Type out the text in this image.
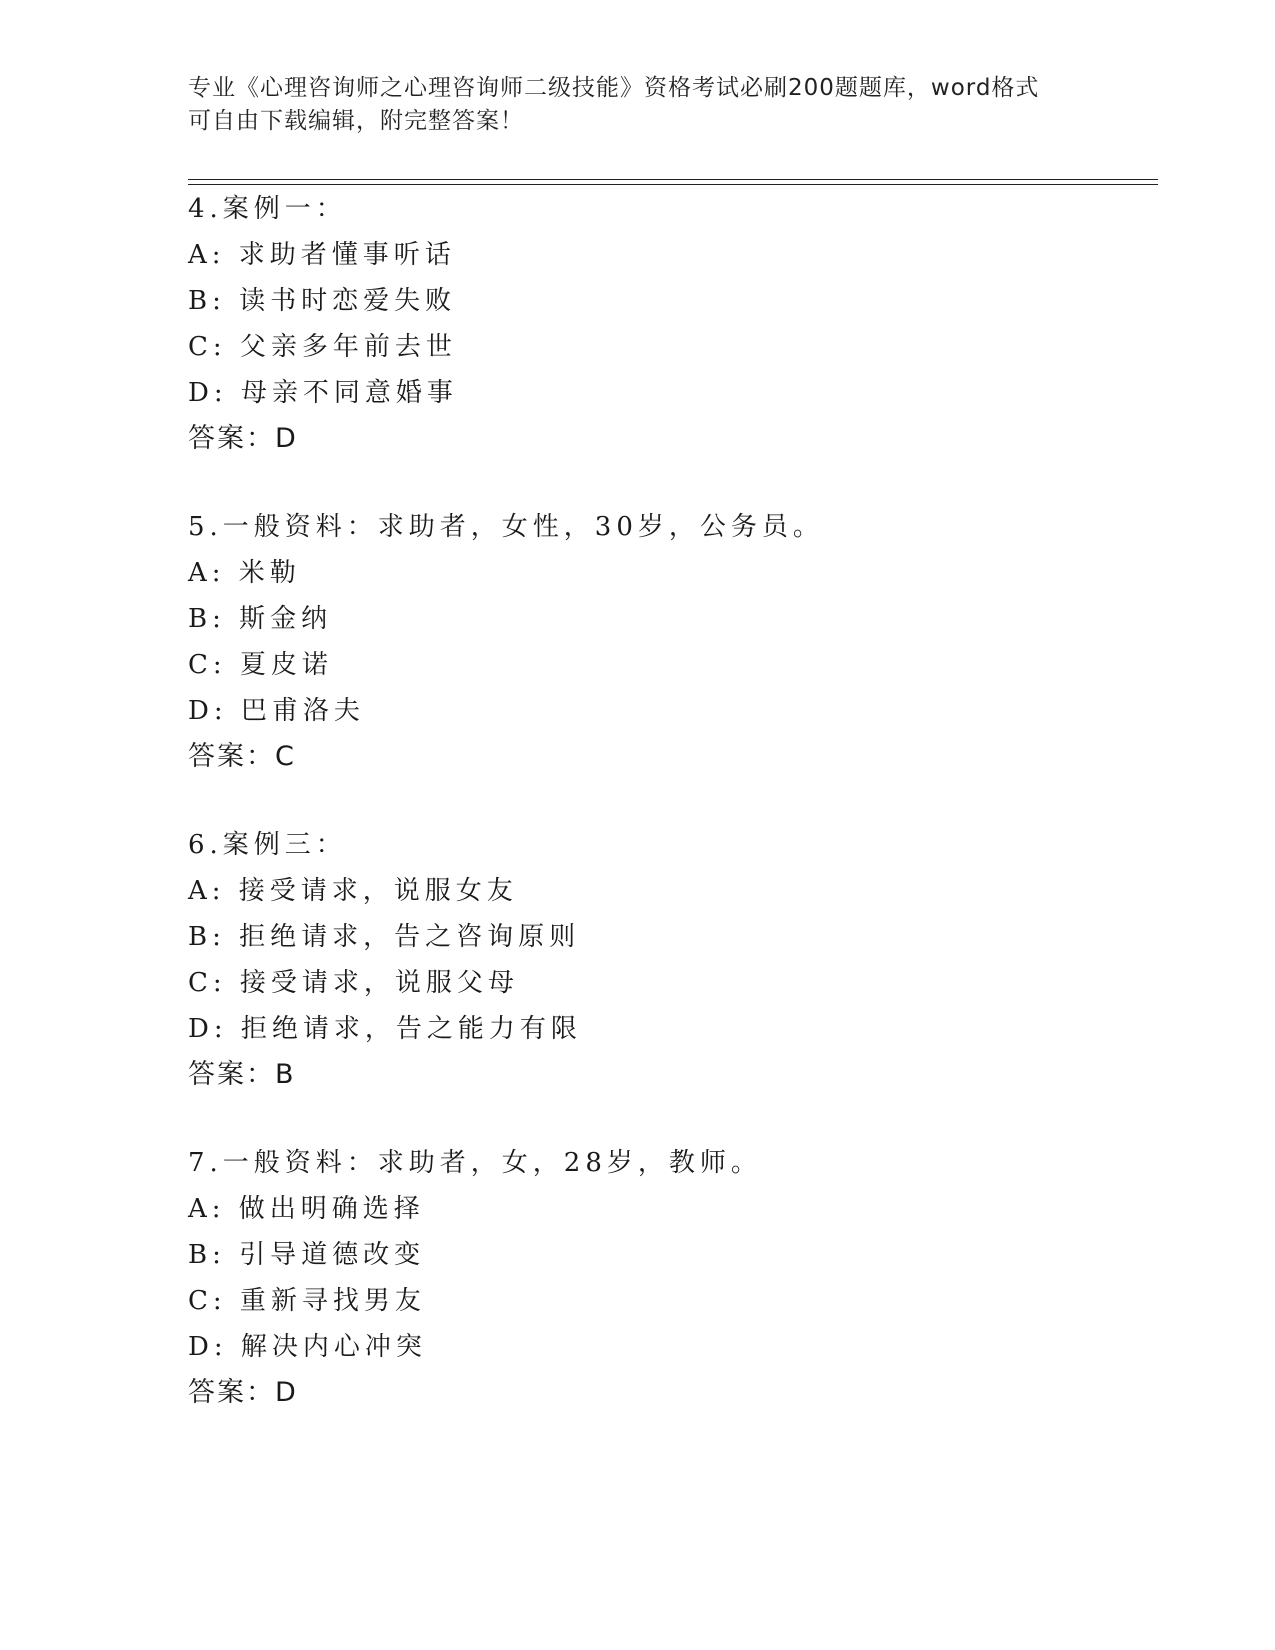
专业《心理咨询师之心理咨询师二级技能》资格考试必刷200题题库，word格式
可自由下载编辑，附完整答案！
4.案例一：
A: 求助者懂事听话
B: 读书时恋爱失败
C: 父亲多年前去世
D: 母亲不同意婚事
答案：D
5.一般资料：求助者，女性，30岁，公务员。
A: 米勒
B: 斯金纳
C: 夏皮诺
D: 巴甫洛夫
答案：C
6.案例三：
A: 接受请求，说服女友
B: 拒绝请求，告之咨询原则
C: 接受请求，说服父母
D: 拒绝请求，告之能力有限
答案：B
7.一般资料：求助者，女，28岁，教师。
A: 做出明确选择
B: 引导道德改变
C: 重新寻找男友
D: 解决内心冲突
答案：D
